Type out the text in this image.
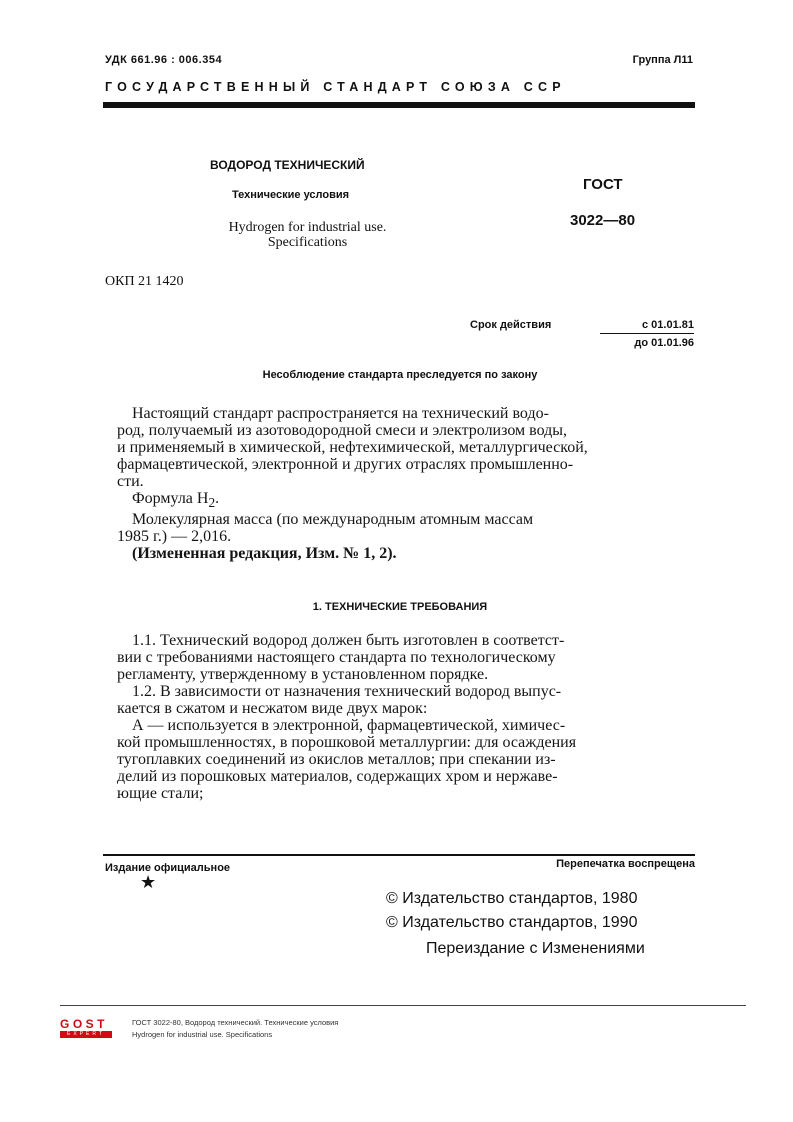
УДК 661.96 : 006.354	Группа Л11
ГОСУДАРСТВЕННЫЙ СТАНДАРТ СОЮЗА ССР
ВОДОРОД ТЕХНИЧЕСКИЙ
Технические условия
Hydrogen for industrial use.
Specifications
ГОСТ
3022—80
ОКП 21 1420
Срок действия	с 01.01.81
до 01.01.96
Несоблюдение стандарта преследуется по закону

Настоящий стандарт распространяется на технический водо-

род, получаемый из азотоводородной смеси и электролизом воды,

и применяемый в химической, нефтехимической, металлургической,

фармацевтической, электронной и других отраслях промышленно-

сти.

Формула $H_2$.

Молекулярная масса (по международным атомным массам

1985 г.) — 2,016.

(Измененная редакция, Изм. № 1, 2).

1. ТЕХНИЧЕСКИЕ ТРЕБОВАНИЯ

1.1. Технический водород должен быть изготовлен в соответст-

вии с требованиями настоящего стандарта по технологическому

регламенту, утвержденному в установленном порядке.

1.2. В зависимости от назначения технический водород выпус-

кается в сжатом и несжатом виде двух марок:

А — используется в электронной, фармацевтической, химичес-

кой промышленностях, в порошковой металлургии: для осаждения

тугоплавких соединений из окислов металлов; при спекании из-

делий из порошковых материалов, содержащих хром и нержаве-

ющие стали;

Издание официальное
★
Перепечатка воспрещена
© Издательство стандартов, 1980
© Издательство стандартов, 1990
Переиздание с Изменениями
GOST
EXPERT
ГОСТ 3022-80, Водород технический. Технические условия
Hydrogen for industrial use. Specifications
